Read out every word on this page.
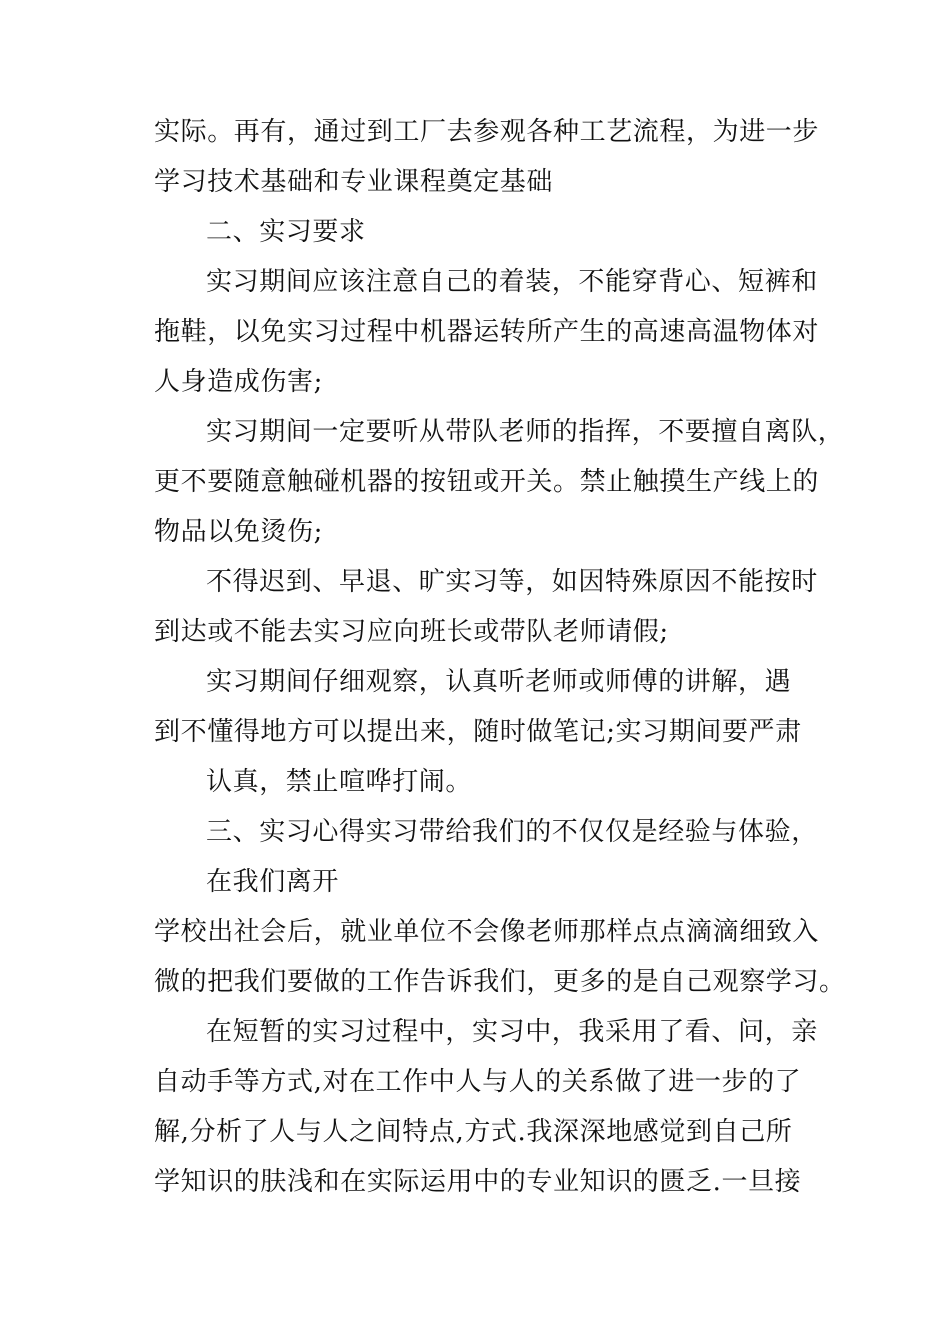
实际。再有，通过到工厂去参观各种工艺流程，为进一步
学习技术基础和专业课程奠定基础
二、实习要求
实习期间应该注意自己的着装，不能穿背心、短裤和
拖鞋，以免实习过程中机器运转所产生的高速高温物体对
人身造成伤害;
实习期间一定要听从带队老师的指挥，不要擅自离队，
更不要随意触碰机器的按钮或开关。禁止触摸生产线上的
物品以免烫伤;
不得迟到、早退、旷实习等，如因特殊原因不能按时
到达或不能去实习应向班长或带队老师请假;
实习期间仔细观察，认真听老师或师傅的讲解，遇
到不懂得地方可以提出来，随时做笔记;实习期间要严肃
认真，禁止喧哗打闹。
三、实习心得实习带给我们的不仅仅是经验与体验，
在我们离开
学校出社会后，就业单位不会像老师那样点点滴滴细致入
微的把我们要做的工作告诉我们，更多的是自己观察学习。
在短暂的实习过程中，实习中，我采用了看、问，亲
自动手等方式,对在工作中人与人的关系做了进一步的了
解,分析了人与人之间特点,方式.我深深地感觉到自己所
学知识的肤浅和在实际运用中的专业知识的匮乏.一旦接
